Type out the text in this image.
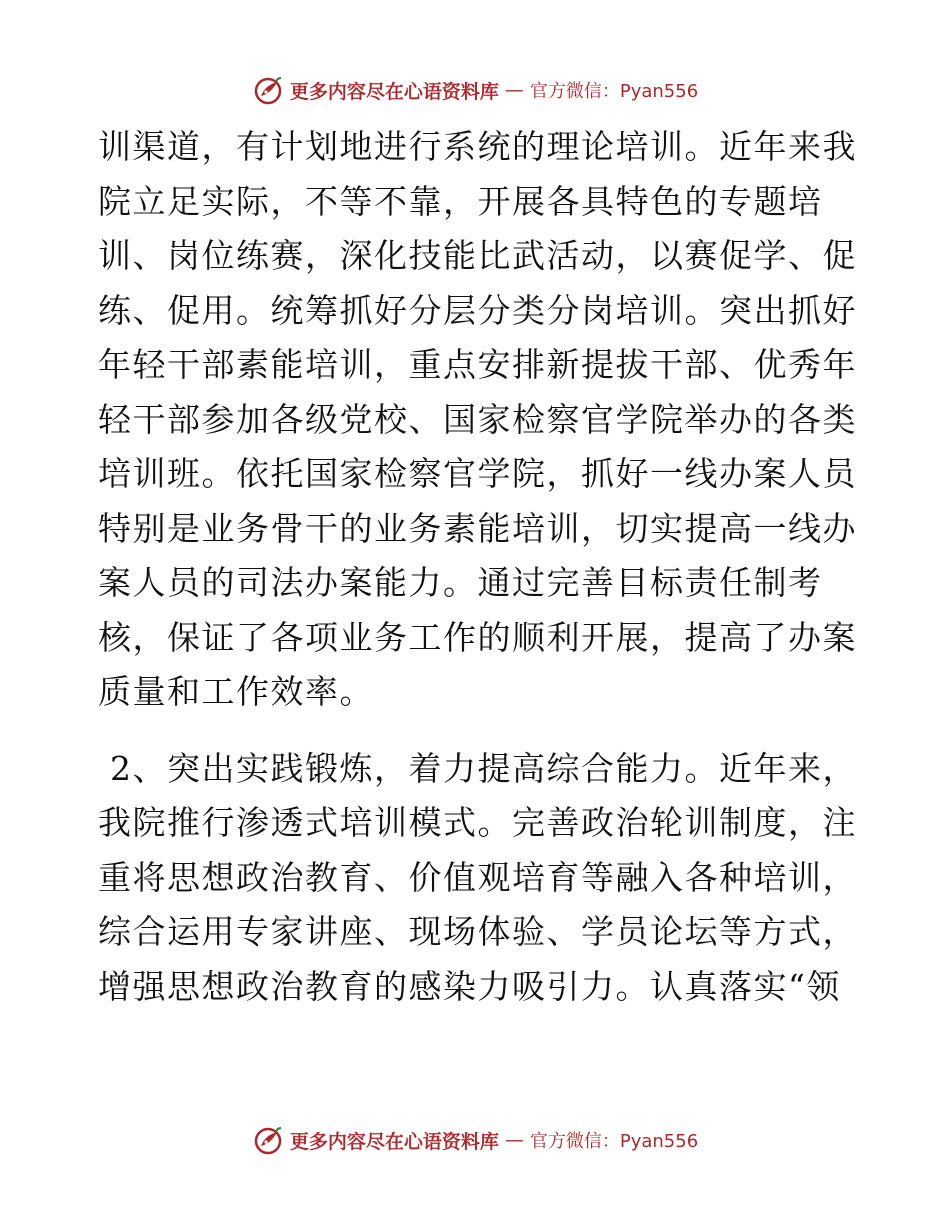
更多内容尽在心语资料库 — 官方微信：Pyan556
训渠道，有计划地进行系统的理论培训。近年来我
院立足实际，不等不靠，开展各具特色的专题培
训、岗位练赛，深化技能比武活动，以赛促学、促
练、促用。统筹抓好分层分类分岗培训。突出抓好
年轻干部素能培训，重点安排新提拔干部、优秀年
轻干部参加各级党校、国家检察官学院举办的各类
培训班。依托国家检察官学院，抓好一线办案人员
特别是业务骨干的业务素能培训，切实提高一线办
案人员的司法办案能力。通过完善目标责任制考
核，保证了各项业务工作的顺利开展，提高了办案
质量和工作效率。
2、突出实践锻炼，着力提高综合能力。近年来，
我院推行渗透式培训模式。完善政治轮训制度，注
重将思想政治教育、价值观培育等融入各种培训，
综合运用专家讲座、现场体验、学员论坛等方式，
增强思想政治教育的感染力吸引力。认真落实“领
更多内容尽在心语资料库 — 官方微信：Pyan556
